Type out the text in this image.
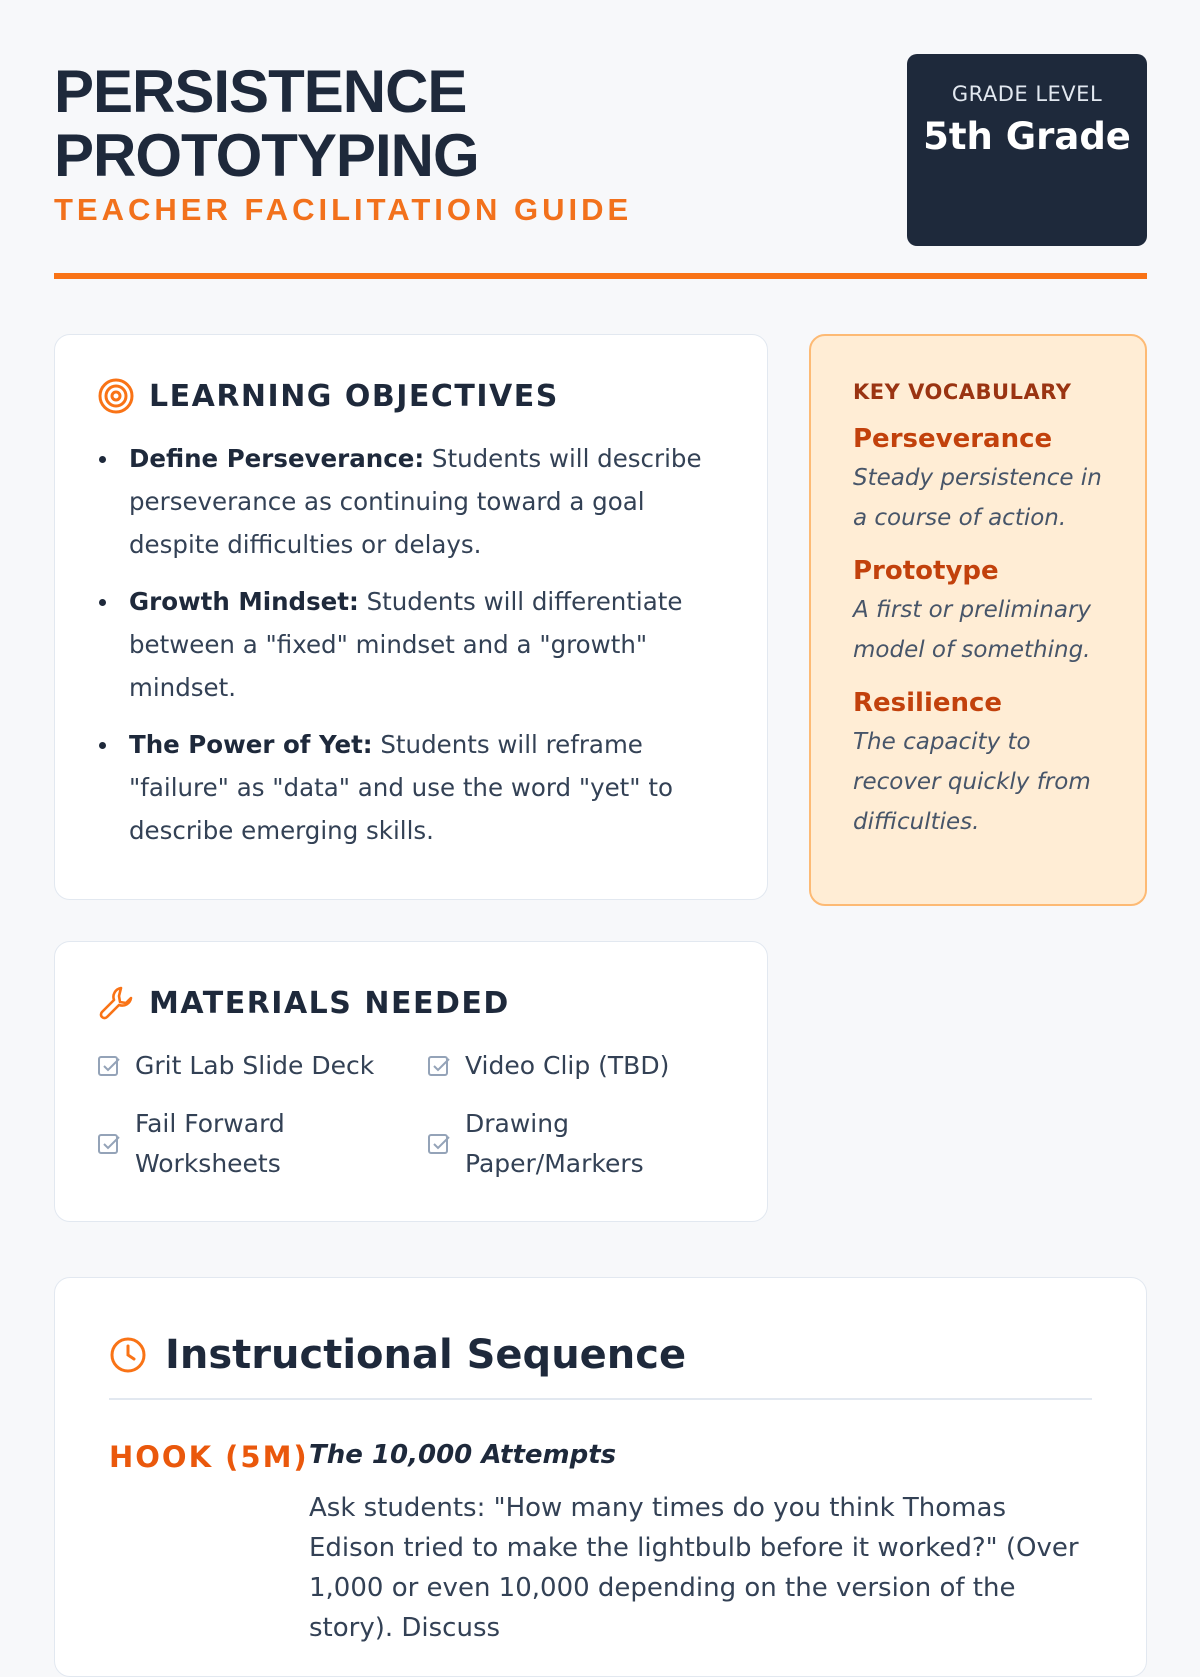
PERSISTENCE PROTOTYPING
TEACHER FACILITATION GUIDE
GRADE LEVEL
5th Grade
LEARNING OBJECTIVES
Define Perseverance: Students will describe perseverance as continuing toward a goal despite difficulties or delays.
Growth Mindset: Students will differentiate between a "fixed" mindset and a "growth" mindset.
The Power of Yet: Students will reframe "failure" as "data" and use the word "yet" to describe emerging skills.
KEY VOCABULARY
Perseverance
Steady persistence in a course of action.
Prototype
A first or preliminary model of something.
Resilience
The capacity to recover quickly from difficulties.
MATERIALS NEEDED
Grit Lab Slide Deck	Video Clip (TBD)
Fail Forward Worksheets
Drawing Paper/Markers
Instructional Sequence
HOOK (5M) The 10,000 Attempts
Ask students: "How many times do you think Thomas Edison tried to make the lightbulb before it worked?" (Over 1,000 or even 10,000 depending on the version of the story). Discuss
